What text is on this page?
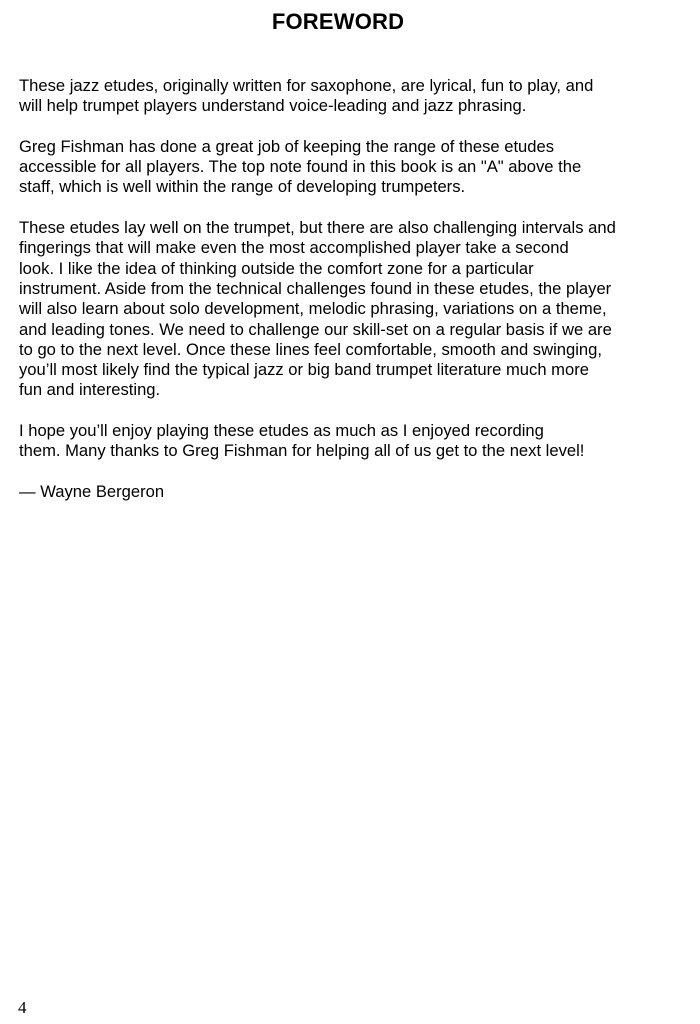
FOREWORD

These jazz etudes, originally written for saxophone, are lyrical, fun to play, and
will help trumpet players understand voice-leading and jazz phrasing.

Greg Fishman has done a great job of keeping the range of these etudes
accessible for all players. The top note found in this book is an "A" above the
staff, which is well within the range of developing trumpeters.

These etudes lay well on the trumpet, but there are also challenging intervals and
fingerings that will make even the most accomplished player take a second
look. I like the idea of thinking outside the comfort zone for a particular
instrument. Aside from the technical challenges found in these etudes, the player
will also learn about solo development, melodic phrasing, variations on a theme,
and leading tones. We need to challenge our skill-set on a regular basis if we are
to go to the next level. Once these lines feel comfortable, smooth and swinging,
you’ll most likely find the typical jazz or big band trumpet literature much more
fun and interesting.

I hope you’ll enjoy playing these etudes as much as I enjoyed recording
them. Many thanks to Greg Fishman for helping all of us get to the next level!

— Wayne Bergeron

4
